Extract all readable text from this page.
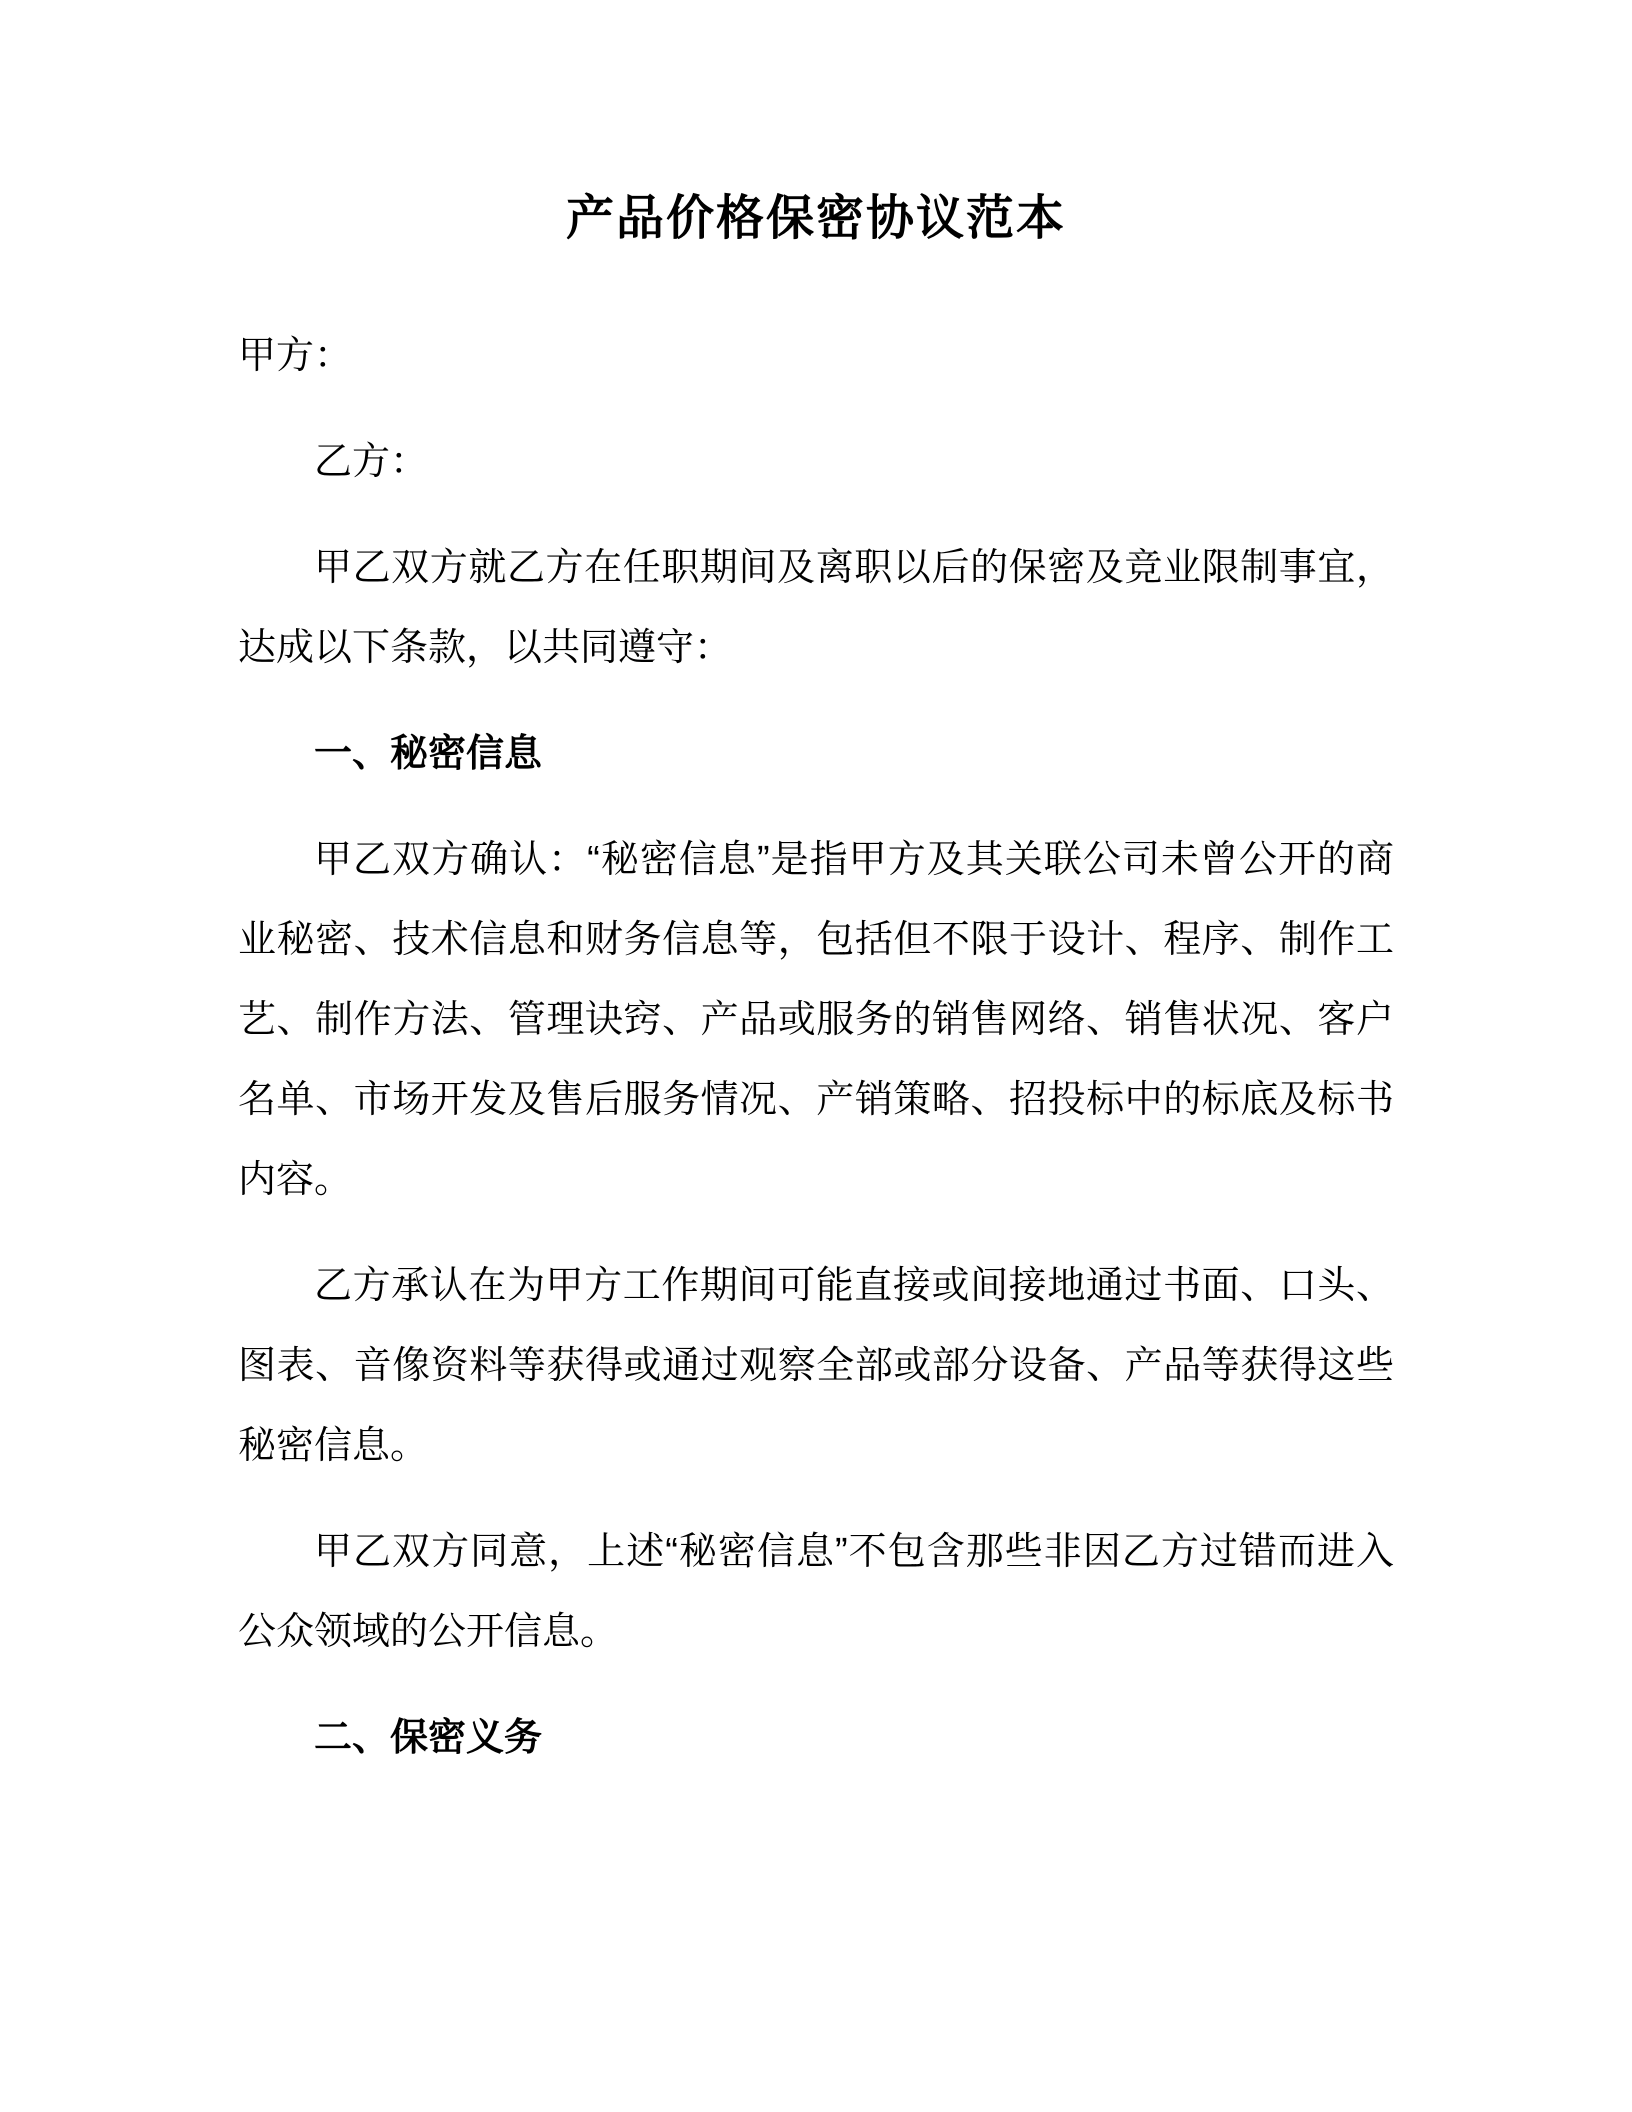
产品价格保密协议范本

甲方：

乙方：

甲乙双方就乙方在任职期间及离职以后的保密及竞业限制事宜，达成以下条款，以共同遵守：

一、秘密信息

甲乙双方确认：“秘密信息”是指甲方及其关联公司未曾公开的商业秘密、技术信息和财务信息等，包括但不限于设计、程序、制作工艺、制作方法、管理诀窍、产品或服务的销售网络、销售状况、客户名单、市场开发及售后服务情况、产销策略、招投标中的标底及标书内容。

乙方承认在为甲方工作期间可能直接或间接地通过书面、口头、图表、音像资料等获得或通过观察全部或部分设备、产品等获得这些秘密信息。

甲乙双方同意，上述“秘密信息”不包含那些非因乙方过错而进入公众领域的公开信息。

二、保密义务
